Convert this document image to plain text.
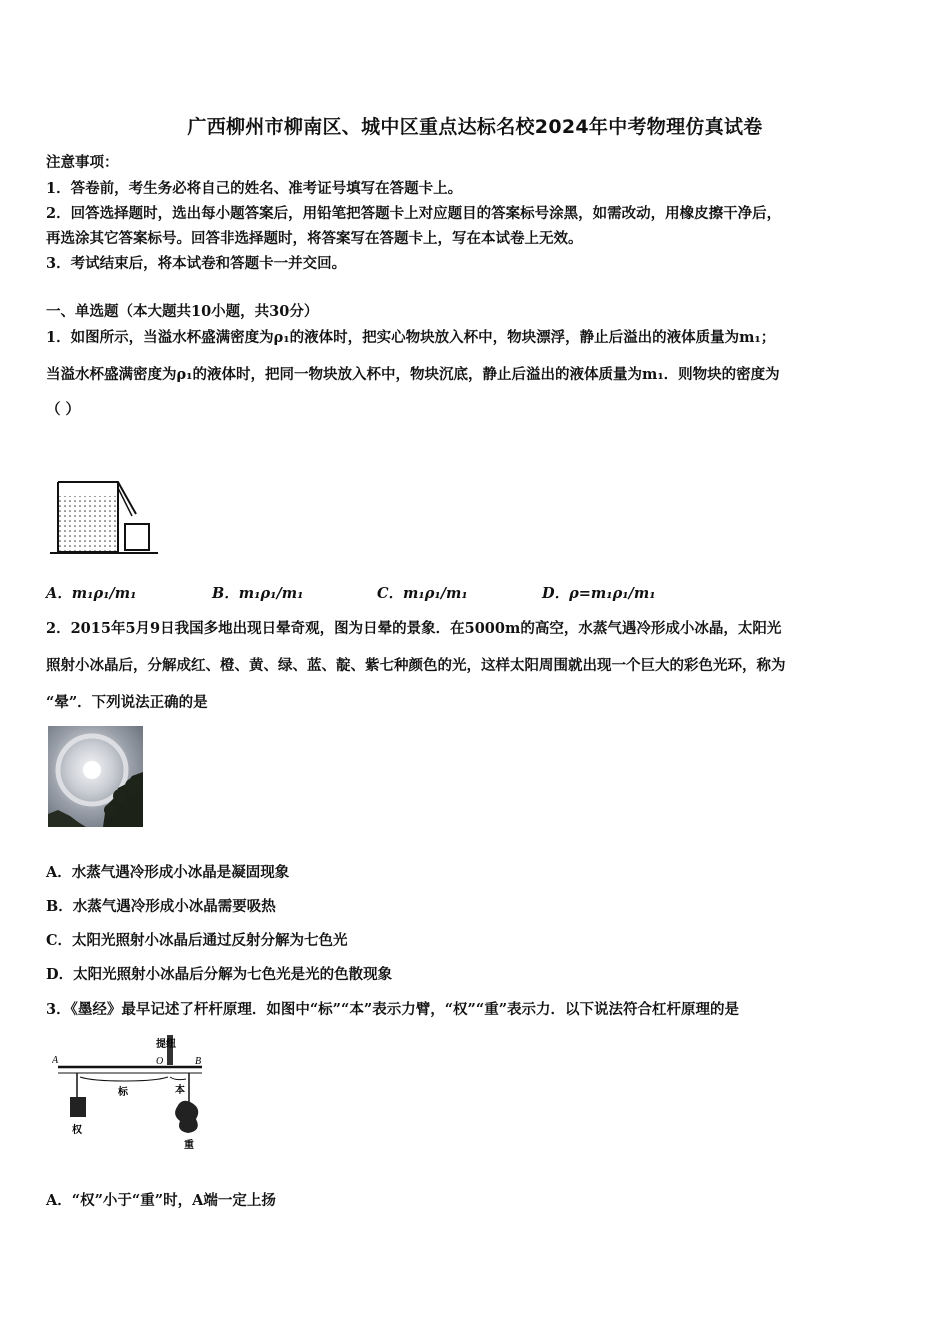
广西柳州市柳南区、城中区重点达标名校2024年中考物理仿真试卷
注意事项：
1．答卷前，考生务必将自己的姓名、准考证号填写在答题卡上。
2．回答选择题时，选出每小题答案后，用铅笔把答题卡上对应题目的答案标号涂黑，如需改动，用橡皮擦干净后，
再选涂其它答案标号。回答非选择题时，将答案写在答题卡上，写在本试卷上无效。
3．考试结束后，将本试卷和答题卡一并交回。
一、单选题（本大题共10小题，共30分）
1．如图所示，当溢水杯盛满密度为ρ₁的液体时，把实心物块放入杯中，物块漂浮，静止后溢出的液体质量为m₁；
当溢水杯盛满密度为ρ₁的液体时，把同一物块放入杯中，物块沉底，静止后溢出的液体质量为m₁．则物块的密度为
（ ）
A．m₁ρ₁/m₁	B．m₁ρ₁/m₁	C．m₁ρ₁/m₁	D．ρ=m₁ρ₁/m₁
2．2015年5月9日我国多地出现日晕奇观，图为日晕的景象．在5000m的高空，水蒸气遇冷形成小冰晶，太阳光
照射小冰晶后，分解成红、橙、黄、绿、蓝、靛、紫七种颜色的光，这样太阳周围就出现一个巨大的彩色光环，称为
“晕”．下列说法正确的是
A．水蒸气遇冷形成小冰晶是凝固现象
B．水蒸气遇冷形成小冰晶需要吸热
C．太阳光照射小冰晶后通过反射分解为七色光
D．太阳光照射小冰晶后分解为七色光是光的色散现象
3．《墨经》最早记述了杆杆原理．如图中“标”“本”表示力臂，“权”“重”表示力．以下说法符合杠杆原理的是
A	O	B
提纽
标	本
权
重
A．“权”小于“重”时，A端一定上扬
